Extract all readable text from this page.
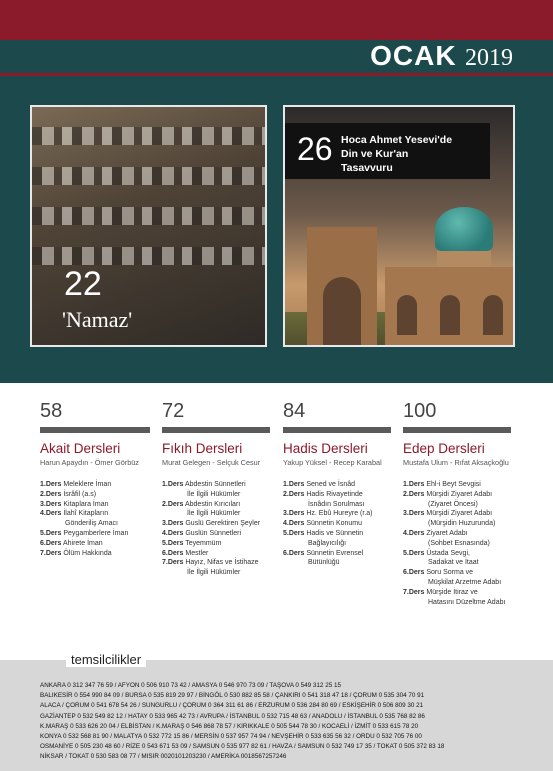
OCAK 2019
22
'Namaz'
26 Hoca Ahmet Yesevi'de
Din ve Kur'an
Tasavvuru
58
Akait Dersleri
Harun Apaydın - Ömer Görbüz
1.Ders Meleklere İman
2.Ders İsrâfil (a.s)
3.Ders Kitaplara İman
4.Ders İlahî Kitapların
Gönderiliş Amacı
5.Ders Peygamberlere İman
6.Ders Ahirete İman
7.Ders Ölüm Hakkında
72
Fıkıh Dersleri
Murat Gelegen - Selçuk Cesur
1.Ders Abdestin Sünnetleri
İle İlgili Hükümler
2.Ders Abdestin Kırıcıları
İle İlgili Hükümler
3.Ders Guslü Gerektiren Şeyler
4.Ders Guslün Sünnetleri
5.Ders Teyemmüm
6.Ders Mestler
7.Ders Hayız, Nifas ve İstihaze
İle İlgili Hükümler
84
Hadis Dersleri
Yakup Yüksel - Recep Karabal
1.Ders Sened ve İsnâd
2.Ders Hadis Rivayetinde
İsnâdın Sorulması
3.Ders Hz. Ebû Hureyre (r.a)
4.Ders Sünnetin Konumu
5.Ders Hadis ve Sünnetin
Bağlayıcılığı
6.Ders Sünnetin Evrensel
Bütünlüğü
100
Edep Dersleri
Mustafa Ulum - Rıfat Aksaçkoğlu
1.Ders Ehl-i Beyt Sevgisi
2.Ders Mürşidi Ziyaret Adabı
(Ziyaret Öncesi)
3.Ders Mürşidi Ziyaret Adabı
(Mürşidin Huzurunda)
4.Ders Ziyaret Adabı
(Sohbet Esnasında)
5.Ders Üstada Sevgi,
Sadakat ve İtaat
6.Ders Soru Sorma ve
Müşkilat Arzetme Adabı
7.Ders Mürşide İtiraz ve
Hatasını Düzeltme Adabı
temsilcilikler
ANKARA 0 312 347 76 59 / AFYON 0 506 910 73 42 / AMASYA 0 546 970 73 09 / TAŞOVA 0 549 312 25 15
BALIKESİR 0 554 990 84 09 / BURSA 0 535 819 29 97 / BİNGÖL 0 530 882 85 58 / ÇANKIRI 0 541 318 47 18 / ÇORUM 0 535 304 70 91
ALACA / ÇORUM 0 541 678 54 26 / SUNGURLU / ÇORUM 0 364 311 61 86 / ERZURUM 0 536 284 80 69 / ESKİŞEHİR 0 506 809 30 21
GAZİANTEP 0 532 549 82 12 / HATAY 0 533 965 42 73 / AVRUPA / İSTANBUL 0 532 715 48 63 / ANADOLU / İSTANBUL 0 535 768 82 86
K.MARAŞ 0 533 626 20 04 / ELBİSTAN / K.MARAŞ 0 546 868 78 57 / KIRIKKALE 0 505 544 78 30 / KOCAELİ / İZMİT 0 533 615 78 20
KONYA 0 532 568 81 90 / MALATYA 0 532 772 15 86 / MERSİN 0 537 957 74 94 / NEVŞEHİR 0 533 635 56 32 / ORDU 0 532 705 76 00
OSMANİYE 0 505 230 48 60 / RİZE 0 543 671 53 09 / SAMSUN 0 535 977 82 61 / HAVZA / SAMSUN 0 532 749 17 35 / TOKAT 0 505 372 83 18
NİKSAR / TOKAT 0 530 583 08 77 / MISIR 0020101203230 / AMERİKA 0018567257246
